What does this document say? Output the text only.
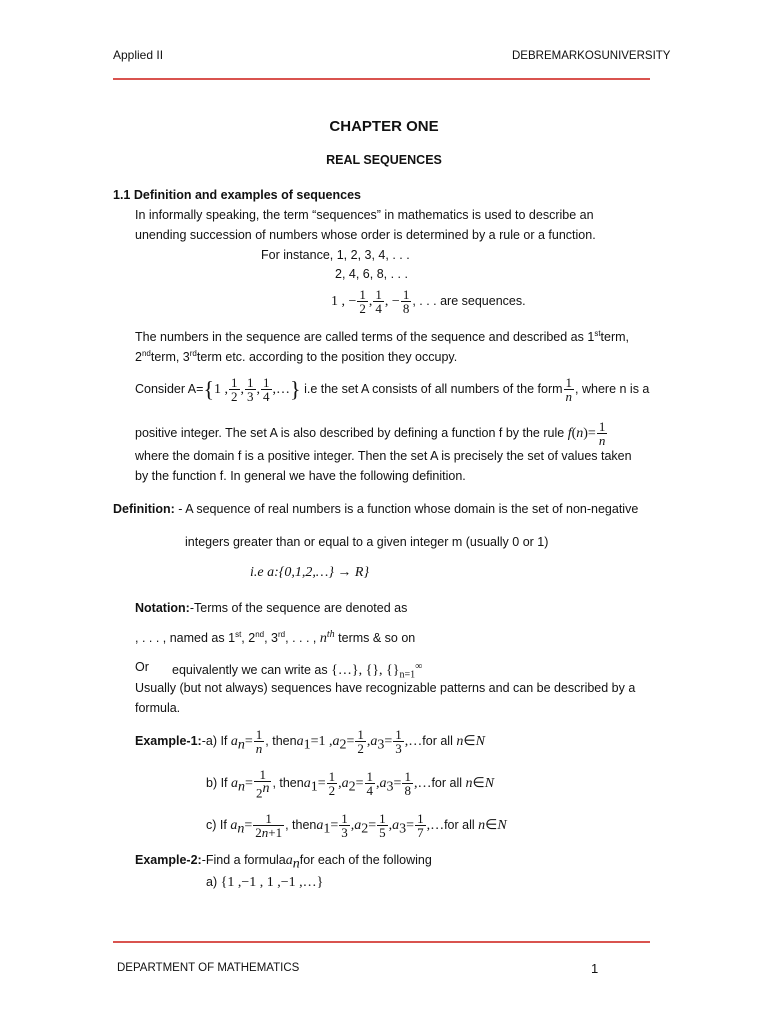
Applied II	DEBREMARKOSUNIVERSITY
CHAPTER ONE
REAL SEQUENCES
1.1 Definition and examples of sequences
In informally speaking, the term “sequences” in mathematics is used to describe an
unending succession of numbers whose order is determined by a rule or a function.
For instance, 1, 2, 3, 4, . . .
2, 4, 6, 8, . . .
1 , − $\frac{1}{2}$ , $\frac{1}{4}$ , − $\frac{1}{8}$ , . . . are sequences.
The numbers in the sequence are called terms of the sequence and described as 1stterm,
2ndterm, 3rdterm etc. according to the position they occupy.
Consider A={1 , $\frac{1}{2}$ , $\frac{1}{3}$ , $\frac{1}{4}$ ,…} i.e the set A consists of all numbers of the form $\frac{1}{n}$ , where n is a
positive integer. The set A is also described by defining a function f by the rule $f(n)= \frac{1}{n}$
where the domain f is a positive integer. Then the set A is precisely the set of values taken
by the function f. In general we have the following definition.
Definition: - A sequence of real numbers is a function whose domain is the set of non-negative
integers greater than or equal to a given integer m (usually 0 or 1)
i.e a:{0,1,2,…} → R}
Notation:-Terms of the sequence are denoted as
, . . . , named as 1st, 2nd, 3rd, . . . , $n^{th}$ terms & so on
Or equivalently we can write as {…}, {}, $\{\}_{n=1}^\infty$
Usually (but not always) sequences have recognizable patterns and can be described by a
formula.
Example-1:-a) If $a_n= \frac{1}{n}$ , thena$_1$=1 $,a_2= \frac{1}{2} ,a_3= \frac{1}{3}$ ,…for all n∈N
b) If $a_n= \frac{1}{2^n}$ , thena$_1$= $\frac{1}{2} ,a_2= \frac{1}{4} ,a_3= \frac{1}{8}$ ,…for all n∈N
c) If $a_n= \frac{1}{2n+1}$ , thena$_1$= $\frac{1}{3} ,a_2= \frac{1}{5} ,a_3= \frac{1}{7}$ ,…for all n∈N
Example-2:-Find a formulaa$_n$for each of the following
a) {1 ,−1 , 1 ,−1 ,…}
DEPARTMENT OF MATHEMATICS	1
